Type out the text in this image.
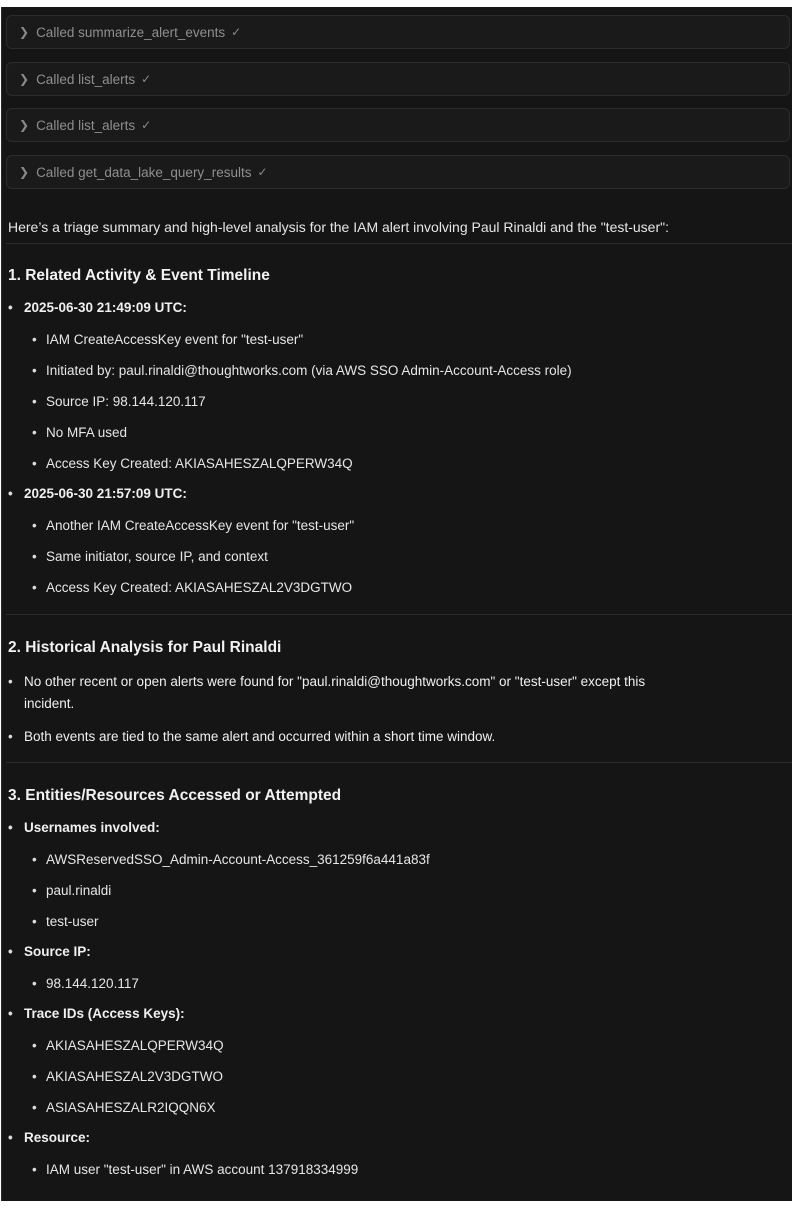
❯ Called summarize_alert_events ✓
❯ Called list_alerts ✓
❯ Called list_alerts ✓
❯ Called get_data_lake_query_results ✓
Here’s a triage summary and high-level analysis for the IAM alert involving Paul Rinaldi and the "test-user":
1. Related Activity & Event Timeline
• 2025-06-30 21:49:09 UTC:
• IAM CreateAccessKey event for "test-user"
• Initiated by: paul.rinaldi@thoughtworks.com (via AWS SSO Admin-Account-Access role)
• Source IP: 98.144.120.117
• No MFA used
• Access Key Created: AKIASAHESZALQPERW34Q
• 2025-06-30 21:57:09 UTC:
• Another IAM CreateAccessKey event for "test-user"
• Same initiator, source IP, and context
• Access Key Created: AKIASAHESZAL2V3DGTWO
2. Historical Analysis for Paul Rinaldi
• No other recent or open alerts were found for "paul.rinaldi@thoughtworks.com" or "test-user" except this
incident.
• Both events are tied to the same alert and occurred within a short time window.
3. Entities/Resources Accessed or Attempted
• Usernames involved:
• AWSReservedSSO_Admin-Account-Access_361259f6a441a83f
• paul.rinaldi
• test-user
• Source IP:
• 98.144.120.117
• Trace IDs (Access Keys):
• AKIASAHESZALQPERW34Q
• AKIASAHESZAL2V3DGTWO
• ASIASAHESZALR2IQQN6X
• Resource:
• IAM user "test-user" in AWS account 137918334999
